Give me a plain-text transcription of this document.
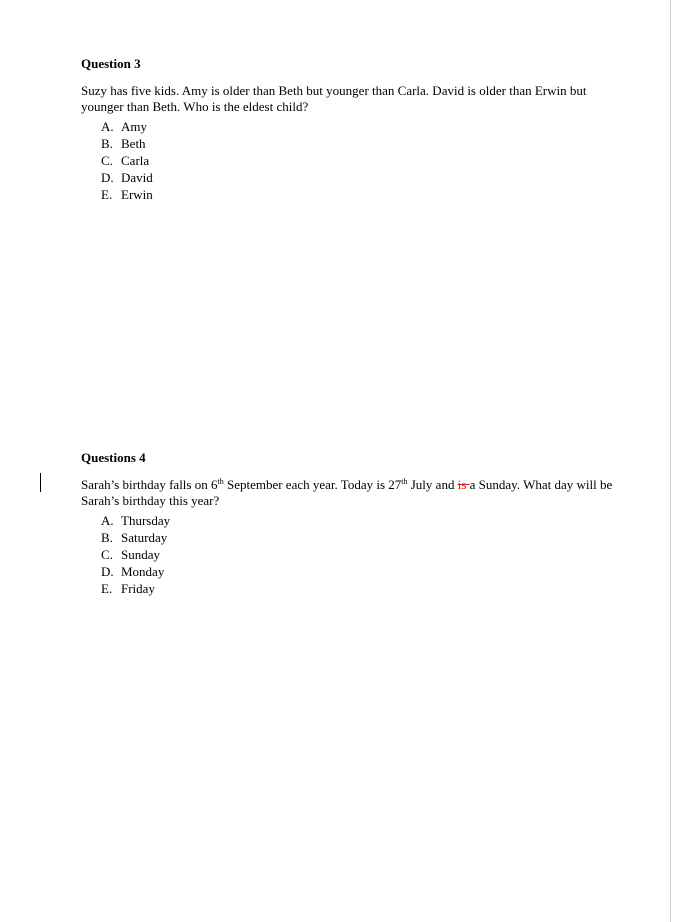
Question 3

Suzy has five kids. Amy is older than Beth but younger than Carla. David is older than Erwin but younger than Beth. Who is the eldest child?

A. Amy
B. Beth
C. Carla
D. David
E. Erwin

Questions 4

Sarah’s birthday falls on 6th September each year. Today is 27th July and is a Sunday. What day will be Sarah’s birthday this year?

A. Thursday
B. Saturday
C. Sunday
D. Monday
E. Friday
